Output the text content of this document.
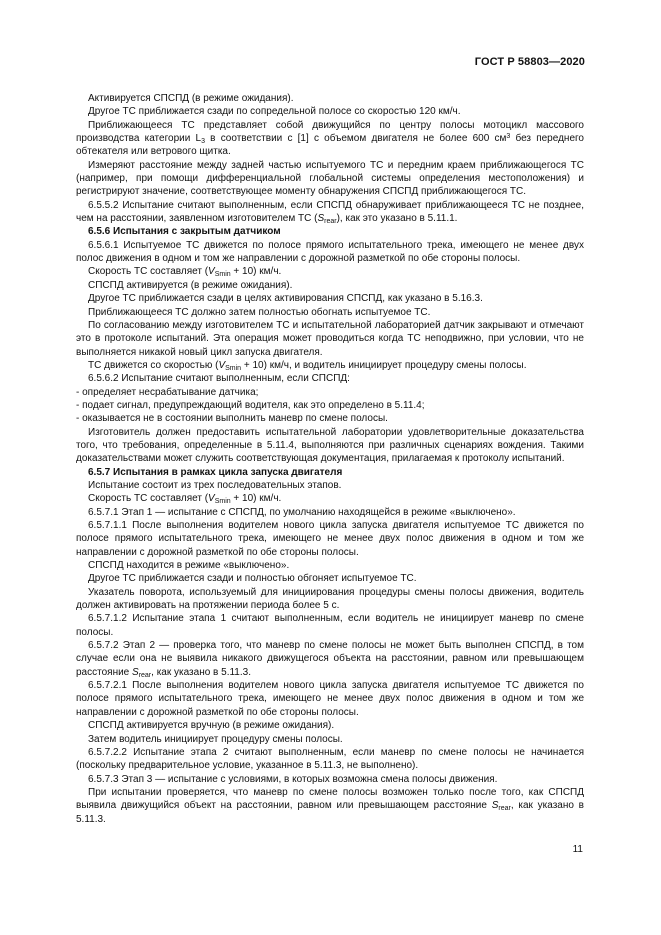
ГОСТ Р 58803—2020

Активируется СПСПД (в режиме ожидания).

Другое ТС приближается сзади по сопредельной полосе со скоростью 120 км/ч.

Приближающееся ТС представляет собой движущийся по центру полосы мотоцикл массового производства категории $L_3$ в соответствии с [1] с объемом двигателя не более 600 $см^3$ без переднего обтекателя или ветрового щитка.

Измеряют расстояние между задней частью испытуемого ТС и передним краем приближающегося ТС (например, при помощи дифференциальной глобальной системы определения местоположения) и регистрируют значение, соответствующее моменту обнаружения СПСПД приближающегося ТС.

6.5.5.2 Испытание считают выполненным, если СПСПД обнаруживает приближающееся ТС не позднее, чем на расстоянии, заявленном изготовителем ТС $(S_{rear})$, как это указано в 5.11.1.

6.5.6 Испытания с закрытым датчиком

6.5.6.1 Испытуемое ТС движется по полосе прямого испытательного трека, имеющего не менее двух полос движения в одном и том же направлении с дорожной разметкой по обе стороны полосы.

Скорость ТС составляет $(V_{Smin} + 10)$ км/ч.

СПСПД активируется (в режиме ожидания).

Другое ТС приближается сзади в целях активирования СПСПД, как указано в 5.16.3.

Приближающееся ТС должно затем полностью обогнать испытуемое ТС.

По согласованию между изготовителем ТС и испытательной лабораторией датчик закрывают и отмечают это в протоколе испытаний. Эта операция может проводиться когда ТС неподвижно, при условии, что не выполняется никакой новый цикл запуска двигателя.

ТС движется со скоростью $(V_{Smin} + 10)$ км/ч, и водитель инициирует процедуру смены полосы.

6.5.6.2 Испытание считают выполненным, если СПСПД:

- определяет несрабатывание датчика;

- подает сигнал, предупреждающий водителя, как это определено в 5.11.4;

- оказывается не в состоянии выполнить маневр по смене полосы.

Изготовитель должен предоставить испытательной лаборатории удовлетворительные доказательства того, что требования, определенные в 5.11.4, выполняются при различных сценариях вождения. Такими доказательствами может служить соответствующая документация, прилагаемая к протоколу испытаний.

6.5.7 Испытания в рамках цикла запуска двигателя

Испытание состоит из трех последовательных этапов.

Скорость ТС составляет $(V_{Smin} + 10)$ км/ч.

6.5.7.1 Этап 1 — испытание с СПСПД, по умолчанию находящейся в режиме «выключено».

6.5.7.1.1 После выполнения водителем нового цикла запуска двигателя испытуемое ТС движется по полосе прямого испытательного трека, имеющего не менее двух полос движения в одном и том же направлении с дорожной разметкой по обе стороны полосы.

СПСПД находится в режиме «выключено».

Другое ТС приближается сзади и полностью обгоняет испытуемое ТС.

Указатель поворота, используемый для инициирования процедуры смены полосы движения, водитель должен активировать на протяжении периода более 5 с.

6.5.7.1.2 Испытание этапа 1 считают выполненным, если водитель не инициирует маневр по смене полосы.

6.5.7.2 Этап 2 — проверка того, что маневр по смене полосы не может быть выполнен СПСПД, в том случае если она не выявила никакого движущегося объекта на расстоянии, равном или превышающем расстояние $S_{rear}$, как указано в 5.11.3.

6.5.7.2.1 После выполнения водителем нового цикла запуска двигателя испытуемое ТС движется по полосе прямого испытательного трека, имеющего не менее двух полос движения в одном и том же направлении с дорожной разметкой по обе стороны полосы.

СПСПД активируется вручную (в режиме ожидания).

Затем водитель инициирует процедуру смены полосы.

6.5.7.2.2 Испытание этапа 2 считают выполненным, если маневр по смене полосы не начинается (поскольку предварительное условие, указанное в 5.11.3, не выполнено).

6.5.7.3 Этап 3 — испытание с условиями, в которых возможна смена полосы движения.

При испытании проверяется, что маневр по смене полосы возможен только после того, как СПСПД выявила движущийся объект на расстоянии, равном или превышающем расстояние $S_{rear}$, как указано в 5.11.3.

11
